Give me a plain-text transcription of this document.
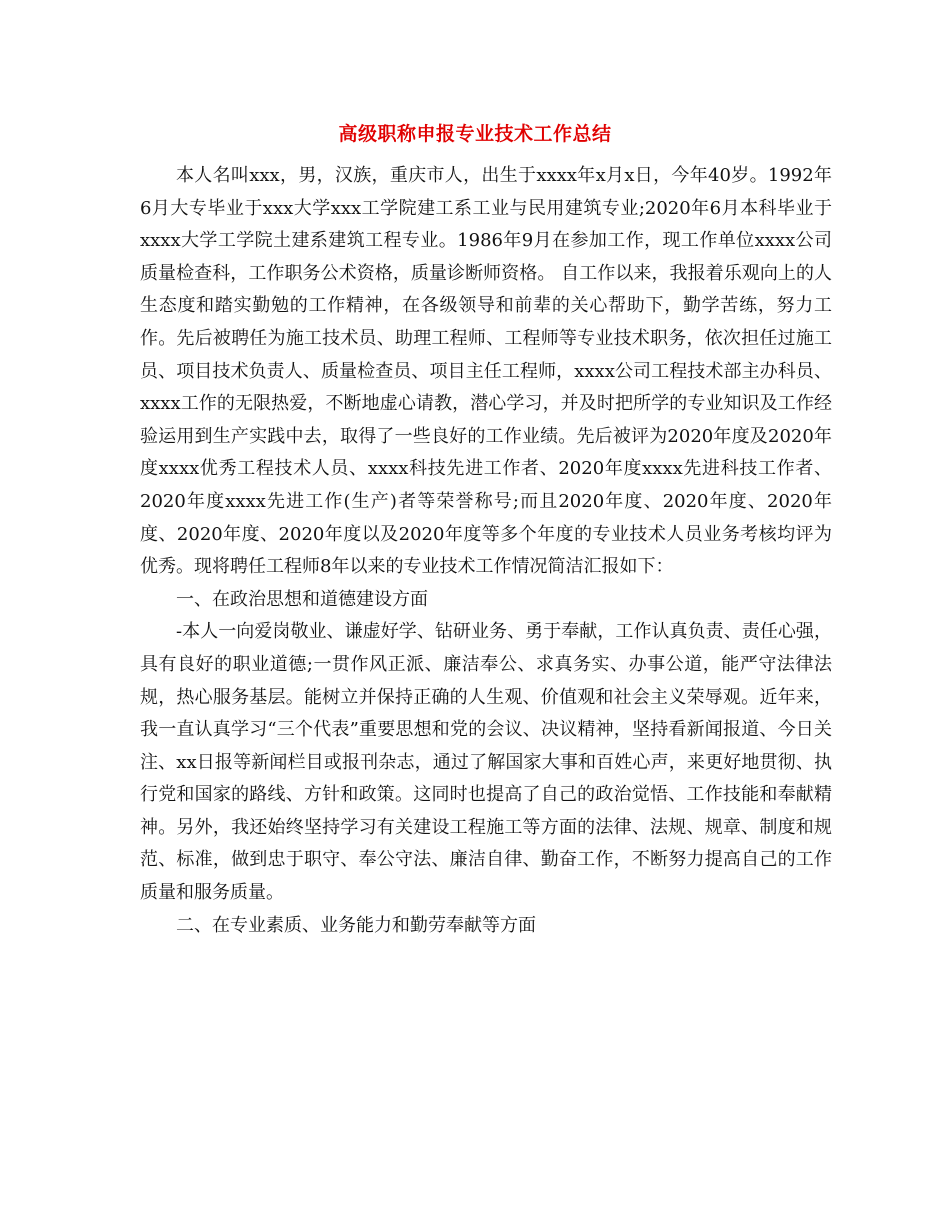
高级职称申报专业技术工作总结

本人名叫xxx，男，汉族，重庆市人，出生于xxxx年x月x日，今年40岁。1992年6月大专毕业于xxx大学xxx工学院建工系工业与民用建筑专业;2020年6月本科毕业于xxxx大学工学院土建系建筑工程专业。1986年9月在参加工作，现工作单位xxxx公司质量检查科，工作职务公术资格，质量诊断师资格。 自工作以来，我报着乐观向上的人生态度和踏实勤勉的工作精神，在各级领导和前辈的关心帮助下，勤学苦练，努力工作。先后被聘任为施工技术员、助理工程师、工程师等专业技术职务，依次担任过施工员、项目技术负责人、质量检查员、项目主任工程师，xxxx公司工程技术部主办科员、xxxx工作的无限热爱，不断地虚心请教，潜心学习，并及时把所学的专业知识及工作经验运用到生产实践中去，取得了一些良好的工作业绩。先后被评为2020年度及2020年度xxxx优秀工程技术人员、xxxx科技先进工作者、2020年度xxxx先进科技工作者、2020年度xxxx先进工作(生产)者等荣誉称号;而且2020年度、2020年度、2020年度、2020年度、2020年度以及2020年度等多个年度的专业技术人员业务考核均评为优秀。现将聘任工程师8年以来的专业技术工作情况简洁汇报如下：

一、在政治思想和道德建设方面

-本人一向爱岗敬业、谦虚好学、钻研业务、勇于奉献，工作认真负责、责任心强，具有良好的职业道德;一贯作风正派、廉洁奉公、求真务实、办事公道，能严守法律法规，热心服务基层。能树立并保持正确的人生观、价值观和社会主义荣辱观。近年来，我一直认真学习“三个代表”重要思想和党的会议、决议精神，坚持看新闻报道、今日关注、xx日报等新闻栏目或报刊杂志，通过了解国家大事和百姓心声，来更好地贯彻、执行党和国家的路线、方针和政策。这同时也提高了自己的政治觉悟、工作技能和奉献精神。另外，我还始终坚持学习有关建设工程施工等方面的法律、法规、规章、制度和规范、标准，做到忠于职守、奉公守法、廉洁自律、勤奋工作，不断努力提高自己的工作质量和服务质量。

二、在专业素质、业务能力和勤劳奉献等方面
